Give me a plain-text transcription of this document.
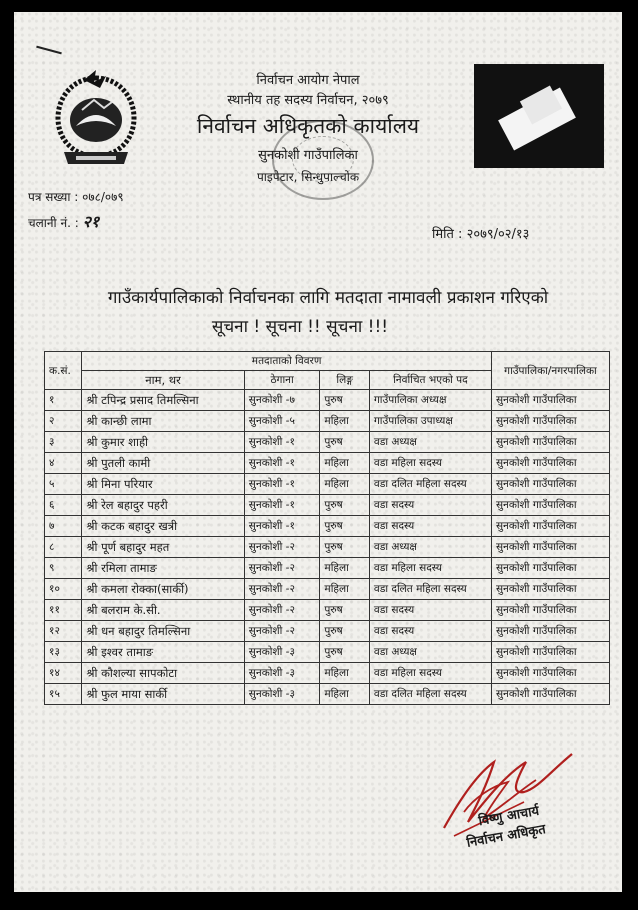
निर्वाचन आयोग नेपाल
स्थानीय तह सदस्य निर्वाचन, २०७९
निर्वाचन अधिकृतको कार्यालय
सुनकोशी गाउँपालिका
पाइपेटार, सिन्धुपाल्चोक
पत्र सख्या : ०७८/०७९
चलानी नं. : २१
मिति : २०७९/०२/१३
गाउँकार्यपालिकाको निर्वाचनका लागि मतदाता नामावली प्रकाशन गरिएको
सूचना ! सूचना !! सूचना !!!
क.सं.	मतदाताको विवरण				गाउँपालिका/नगरपालिका
	नाम, थर	ठेगाना	लिङ्ग	निर्वाचित भएको पद	
१	श्री टपिन्द्र प्रसाद तिमल्सिना	सुनकोशी -७	पुरुष	गाउँपालिका अध्यक्ष	सुनकोशी गाउँपालिका
२	श्री कान्छी लामा	सुनकोशी -५	महिला	गाउँपालिका उपाध्यक्ष	सुनकोशी गाउँपालिका
३	श्री कुमार शाही	सुनकोशी -१	पुरुष	वडा अध्यक्ष	सुनकोशी गाउँपालिका
४	श्री पुतली कामी	सुनकोशी -१	महिला	वडा महिला सदस्य	सुनकोशी गाउँपालिका
५	श्री मिना परियार	सुनकोशी -१	महिला	वडा दलित महिला सदस्य	सुनकोशी गाउँपालिका
६	श्री रेल बहादुर पहरी	सुनकोशी -१	पुरुष	वडा सदस्य	सुनकोशी गाउँपालिका
७	श्री कटक बहादुर खत्री	सुनकोशी -१	पुरुष	वडा सदस्य	सुनकोशी गाउँपालिका
८	श्री पूर्ण बहादुर महत	सुनकोशी -२	पुरुष	वडा अध्यक्ष	सुनकोशी गाउँपालिका
९	श्री रमिला तामाङ	सुनकोशी -२	महिला	वडा महिला सदस्य	सुनकोशी गाउँपालिका
१०	श्री कमला रोक्का(सार्की)	सुनकोशी -२	महिला	वडा दलित महिला सदस्य	सुनकोशी गाउँपालिका
११	श्री बलराम के.सी.	सुनकोशी -२	पुरुष	वडा सदस्य	सुनकोशी गाउँपालिका
१२	श्री धन बहादुर तिमल्सिना	सुनकोशी -२	पुरुष	वडा सदस्य	सुनकोशी गाउँपालिका
१३	श्री इश्वर तामाङ	सुनकोशी -३	पुरुष	वडा अध्यक्ष	सुनकोशी गाउँपालिका
१४	श्री कौशल्या सापकोटा	सुनकोशी -३	महिला	वडा महिला सदस्य	सुनकोशी गाउँपालिका
१५	श्री फुल माया सार्की	सुनकोशी -३	महिला	वडा दलित महिला सदस्य	सुनकोशी गाउँपालिका
विष्णु आचार्य
निर्वाचन अधिकृत
